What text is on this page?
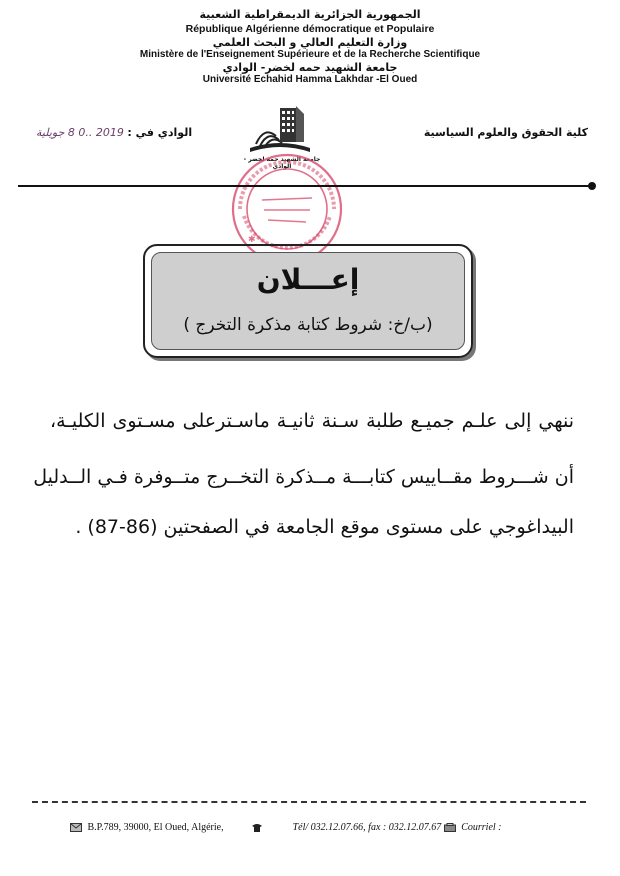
الجمهورية الجزائرية الديمقراطية الشعبية
République Algérienne démocratique et Populaire
وزارة التعليم العالي و البحث العلمي
Ministère de l'Enseignement Supérieure et de la Recherche Scientifique
جامعة الشهيد حمه لخضر- الوادي
Université Echahid Hamma Lakhdar -El Oued
كلية الحقوق والعلوم السياسية
الوادي في : 2019 ..0 8 جويلية
جامعة الشهيد حمه لخضر - الوادي
✱
إعـــلان
(ب/خ: شروط كتابة مذكرة التخرج )
ننهي إلى علـم جميـع طلبة سـنة ثانيـة ماسـترعلى مسـتوى الكليـة،
أن شـــروط مقــاييس كتابـــة مــذكرة التخــرج متــوفرة فـي الــدليل
البيداغوجي على مستوى موقع الجامعة في الصفحتين (86-87) .
B.P.789, 39000, El Oued, Algérie,	Tél/ 032.12.07.66, fax : 032.12.07.67 Courriel :
